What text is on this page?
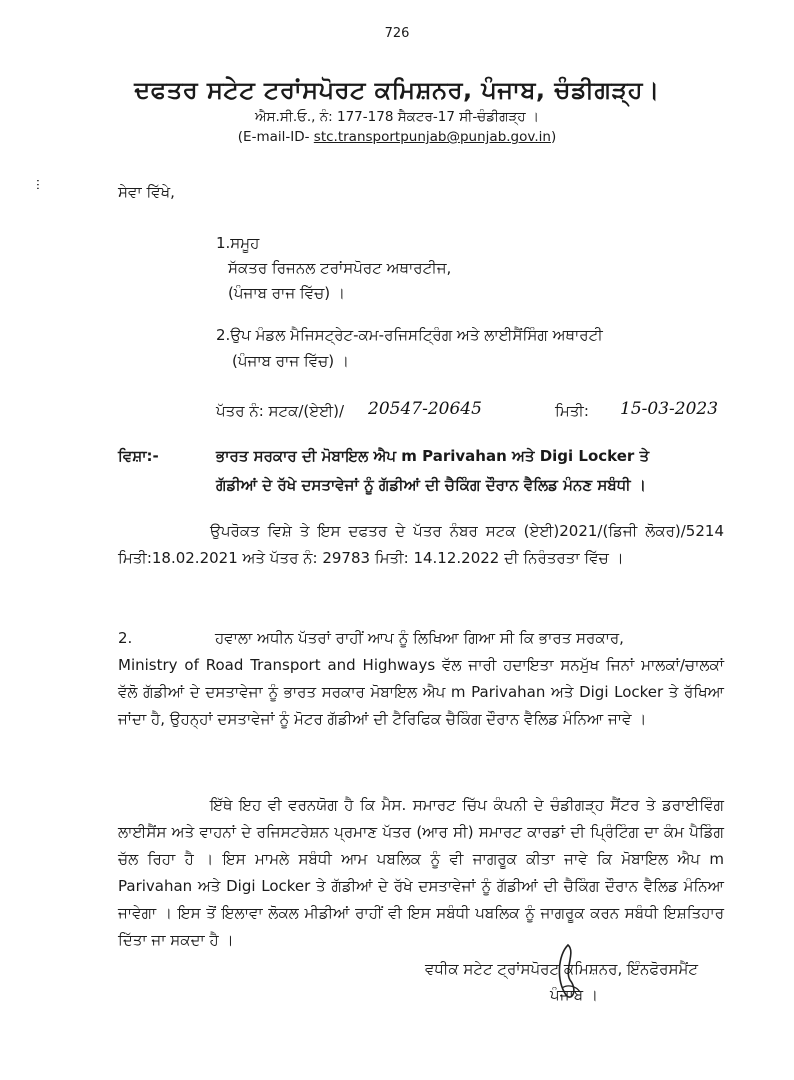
726
ਦਫਤਰ ਸਟੇਟ ਟਰਾਂਸਪੋਰਟ ਕਮਿਸ਼ਨਰ, ਪੰਜਾਬ, ਚੰਡੀਗੜ੍ਹ।
ਐਸ.ਸੀ.ਓ., ਨੰ: 177-178 ਸੈਕਟਰ-17 ਸੀ-ਚੰਡੀਗੜ੍ਹ ।
(E-mail-ID- stc.transportpunjab@punjab.gov.in)
ⵗ	ਸੇਵਾ ਵਿੱਖੇ,
1.ਸਮੂਹ
ਸੱਕਤਰ ਰਿਜਨਲ ਟਰਾਂਸਪੋਰਟ ਅਥਾਰਟੀਜ,
(ਪੰਜਾਬ ਰਾਜ ਵਿੱਚ) ।
2.ਉਪ ਮੰਡਲ ਮੈਜਿਸਟ੍ਰੇਟ-ਕਮ-ਰਜਿਸਟ੍ਰਿੰਗ ਅਤੇ ਲਾਈਸੈਂਸਿੰਗ ਅਥਾਰਟੀ
(ਪੰਜਾਬ ਰਾਜ ਵਿੱਚ) ।
ਪੱਤਰ ਨੰ: ਸਟਕ/(ਏਈ)/ 20547-20645	ਮਿਤੀ: 15-03-2023
ਵਿਸ਼ਾ:-	ਭਾਰਤ ਸਰਕਾਰ ਦੀ ਮੋਬਾਇਲ ਐਪ m Parivahan ਅਤੇ Digi Locker ਤੇ
ਗੱਡੀਆਂ ਦੇ ਰੱਖੇ ਦਸਤਾਵੇਜਾਂ ਨੂੰ ਗੱਡੀਆਂ ਦੀ ਚੈਕਿੰਗ ਦੌਰਾਨ ਵੈਲਿਡ ਮੰਨਣ ਸਬੰਧੀ ।
ਉਪਰੋਕਤ ਵਿਸ਼ੇ ਤੇ ਇਸ ਦਫਤਰ ਦੇ ਪੱਤਰ ਨੰਬਰ ਸਟਕ (ਏਈ)2021/(ਡਿਜੀ ਲੋਕਰ)/5214 ਮਿਤੀ:18.02.2021 ਅਤੇ ਪੱਤਰ ਨੰ: 29783 ਮਿਤੀ: 14.12.2022 ਦੀ ਨਿਰੰਤਰਤਾ ਵਿੱਚ ।
2.	ਹਵਾਲਾ ਅਧੀਨ ਪੱਤਰਾਂ ਰਾਹੀਂ ਆਪ ਨੂੰ ਲਿਖਿਆ ਗਿਆ ਸੀ ਕਿ ਭਾਰਤ ਸਰਕਾਰ,
Ministry of Road Transport and Highways ਵੱਲ ਜਾਰੀ ਹਦਾਇਤਾ ਸਨਮੁੱਖ ਜਿਨਾਂ ਮਾਲਕਾਂ/ਚਾਲਕਾਂ ਵੱਲੋ ਗੱਡੀਆਂ ਦੇ ਦਸਤਾਵੇਜਾ ਨੂੰ ਭਾਰਤ ਸਰਕਾਰ ਮੋਬਾਇਲ ਐਪ m Parivahan ਅਤੇ Digi Locker ਤੇ ਰੱਖਿਆ ਜਾਂਦਾ ਹੈ, ਉਹਨ੍ਹਾਂ ਦਸਤਾਵੇਜਾਂ ਨੂੰ ਮੋਟਰ ਗੱਡੀਆਂ ਦੀ ਟੈਰਿਫਿਕ ਚੈਕਿੰਗ ਦੌਰਾਨ ਵੈਲਿਡ ਮੰਨਿਆ ਜਾਵੇ ।
ਇੱਥੇ ਇਹ ਵੀ ਵਰਨਯੋਗ ਹੈ ਕਿ ਮੈਸ. ਸਮਾਰਟ ਚਿੱਪ ਕੰਪਨੀ ਦੇ ਚੰਡੀਗੜ੍ਹ ਸੈਂਟਰ ਤੇ ਡਰਾਈਵਿੰਗ ਲਾਈਸੈਂਸ ਅਤੇ ਵਾਹਨਾਂ ਦੇ ਰਜਿਸਟਰੇਸ਼ਨ ਪ੍ਰਮਾਣ ਪੱਤਰ (ਆਰ ਸੀ) ਸਮਾਰਟ ਕਾਰਡਾਂ ਦੀ ਪ੍ਰਿੰਟਿੰਗ ਦਾ ਕੰਮ ਪੈਡਿੰਗ ਚੱਲ ਰਿਹਾ ਹੈ । ਇਸ ਮਾਮਲੇ ਸਬੰਧੀ ਆਮ ਪਬਲਿਕ ਨੂੰ ਵੀ ਜਾਗਰੂਕ ਕੀਤਾ ਜਾਵੇ ਕਿ ਮੋਬਾਇਲ ਐਪ m Parivahan ਅਤੇ Digi Locker ਤੇ ਗੱਡੀਆਂ ਦੇ ਰੱਖੇ ਦਸਤਾਵੇਜਾਂ ਨੂੰ ਗੱਡੀਆਂ ਦੀ ਚੈਕਿੰਗ ਦੌਰਾਨ ਵੈਲਿਡ ਮੰਨਿਆ ਜਾਵੇਗਾ । ਇਸ ਤੋਂ ਇਲਾਵਾ ਲੋਕਲ ਮੀਡੀਆਂ ਰਾਹੀਂ ਵੀ ਇਸ ਸਬੰਧੀ ਪਬਲਿਕ ਨੂੰ ਜਾਗਰੂਕ ਕਰਨ ਸਬੰਧੀ ਇਸ਼ਤਿਹਾਰ ਦਿੱਤਾ ਜਾ ਸਕਦਾ ਹੈ ।
ਵਧੀਕ ਸਟੇਟ ਟ੍ਰਾਂਸਪੋਰਟ ਕਮਿਸ਼ਨਰ, ਇੰਨਫੋਰਸਮੈਂਟ
ਪੰਜਾਬ ।
